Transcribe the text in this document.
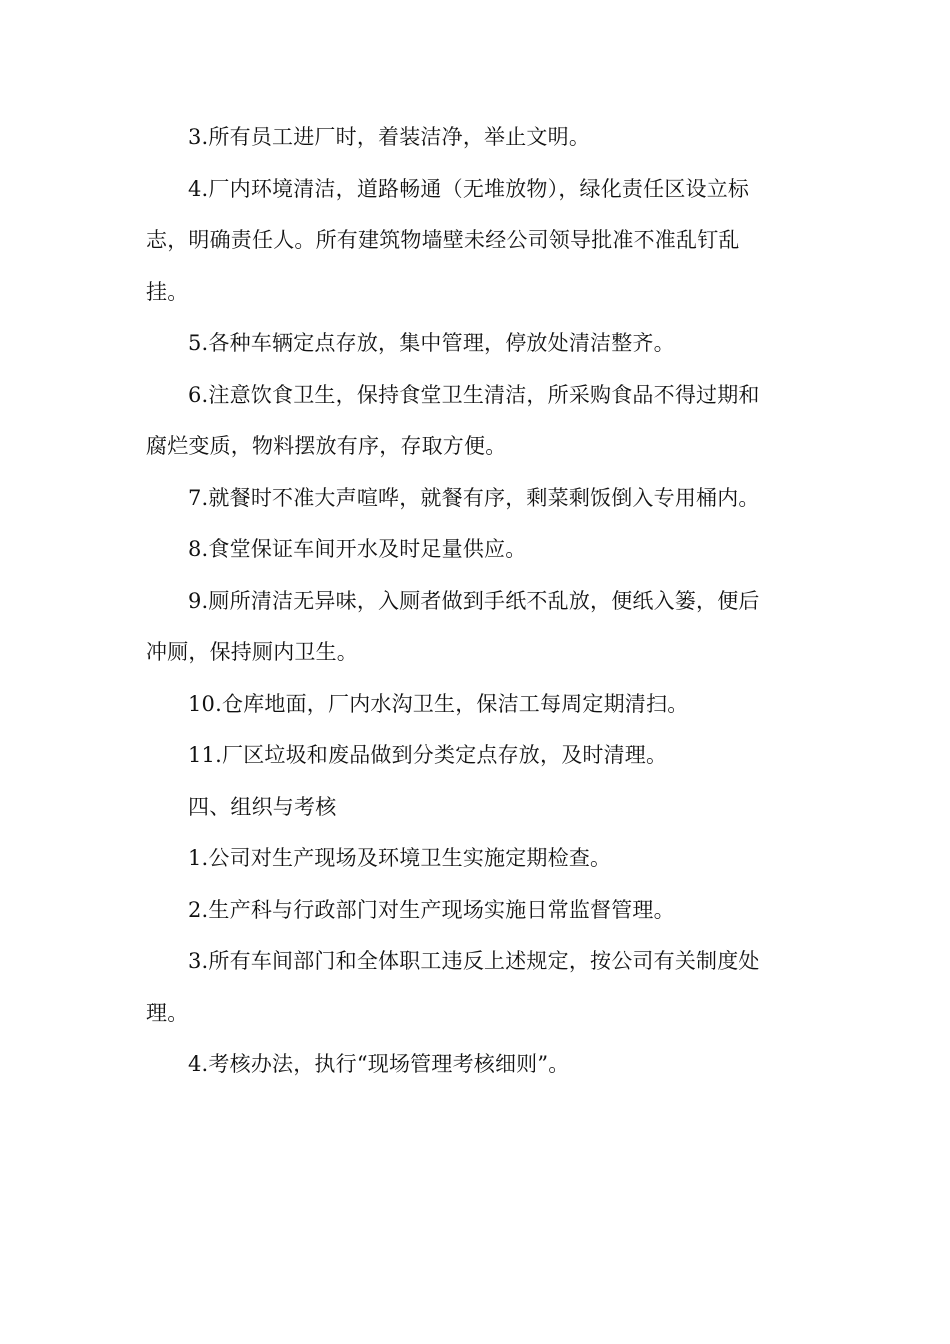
3.所有员工进厂时，着装洁净，举止文明。

4.厂内环境清洁，道路畅通（无堆放物），绿化责任区设立标
志，明确责任人。所有建筑物墙壁未经公司领导批准不准乱钉乱
挂。

5.各种车辆定点存放，集中管理，停放处清洁整齐。

6.注意饮食卫生，保持食堂卫生清洁，所采购食品不得过期和
腐烂变质，物料摆放有序，存取方便。

7.就餐时不准大声喧哗，就餐有序，剩菜剩饭倒入专用桶内。

8.食堂保证车间开水及时足量供应。

9.厕所清洁无异味，入厕者做到手纸不乱放，便纸入篓，便后
冲厕，保持厕内卫生。

10.仓库地面，厂内水沟卫生，保洁工每周定期清扫。

11.厂区垃圾和废品做到分类定点存放，及时清理。

四、组织与考核

1.公司对生产现场及环境卫生实施定期检查。

2.生产科与行政部门对生产现场实施日常监督管理。

3.所有车间部门和全体职工违反上述规定，按公司有关制度处
理。

4.考核办法，执行“现场管理考核细则”。
